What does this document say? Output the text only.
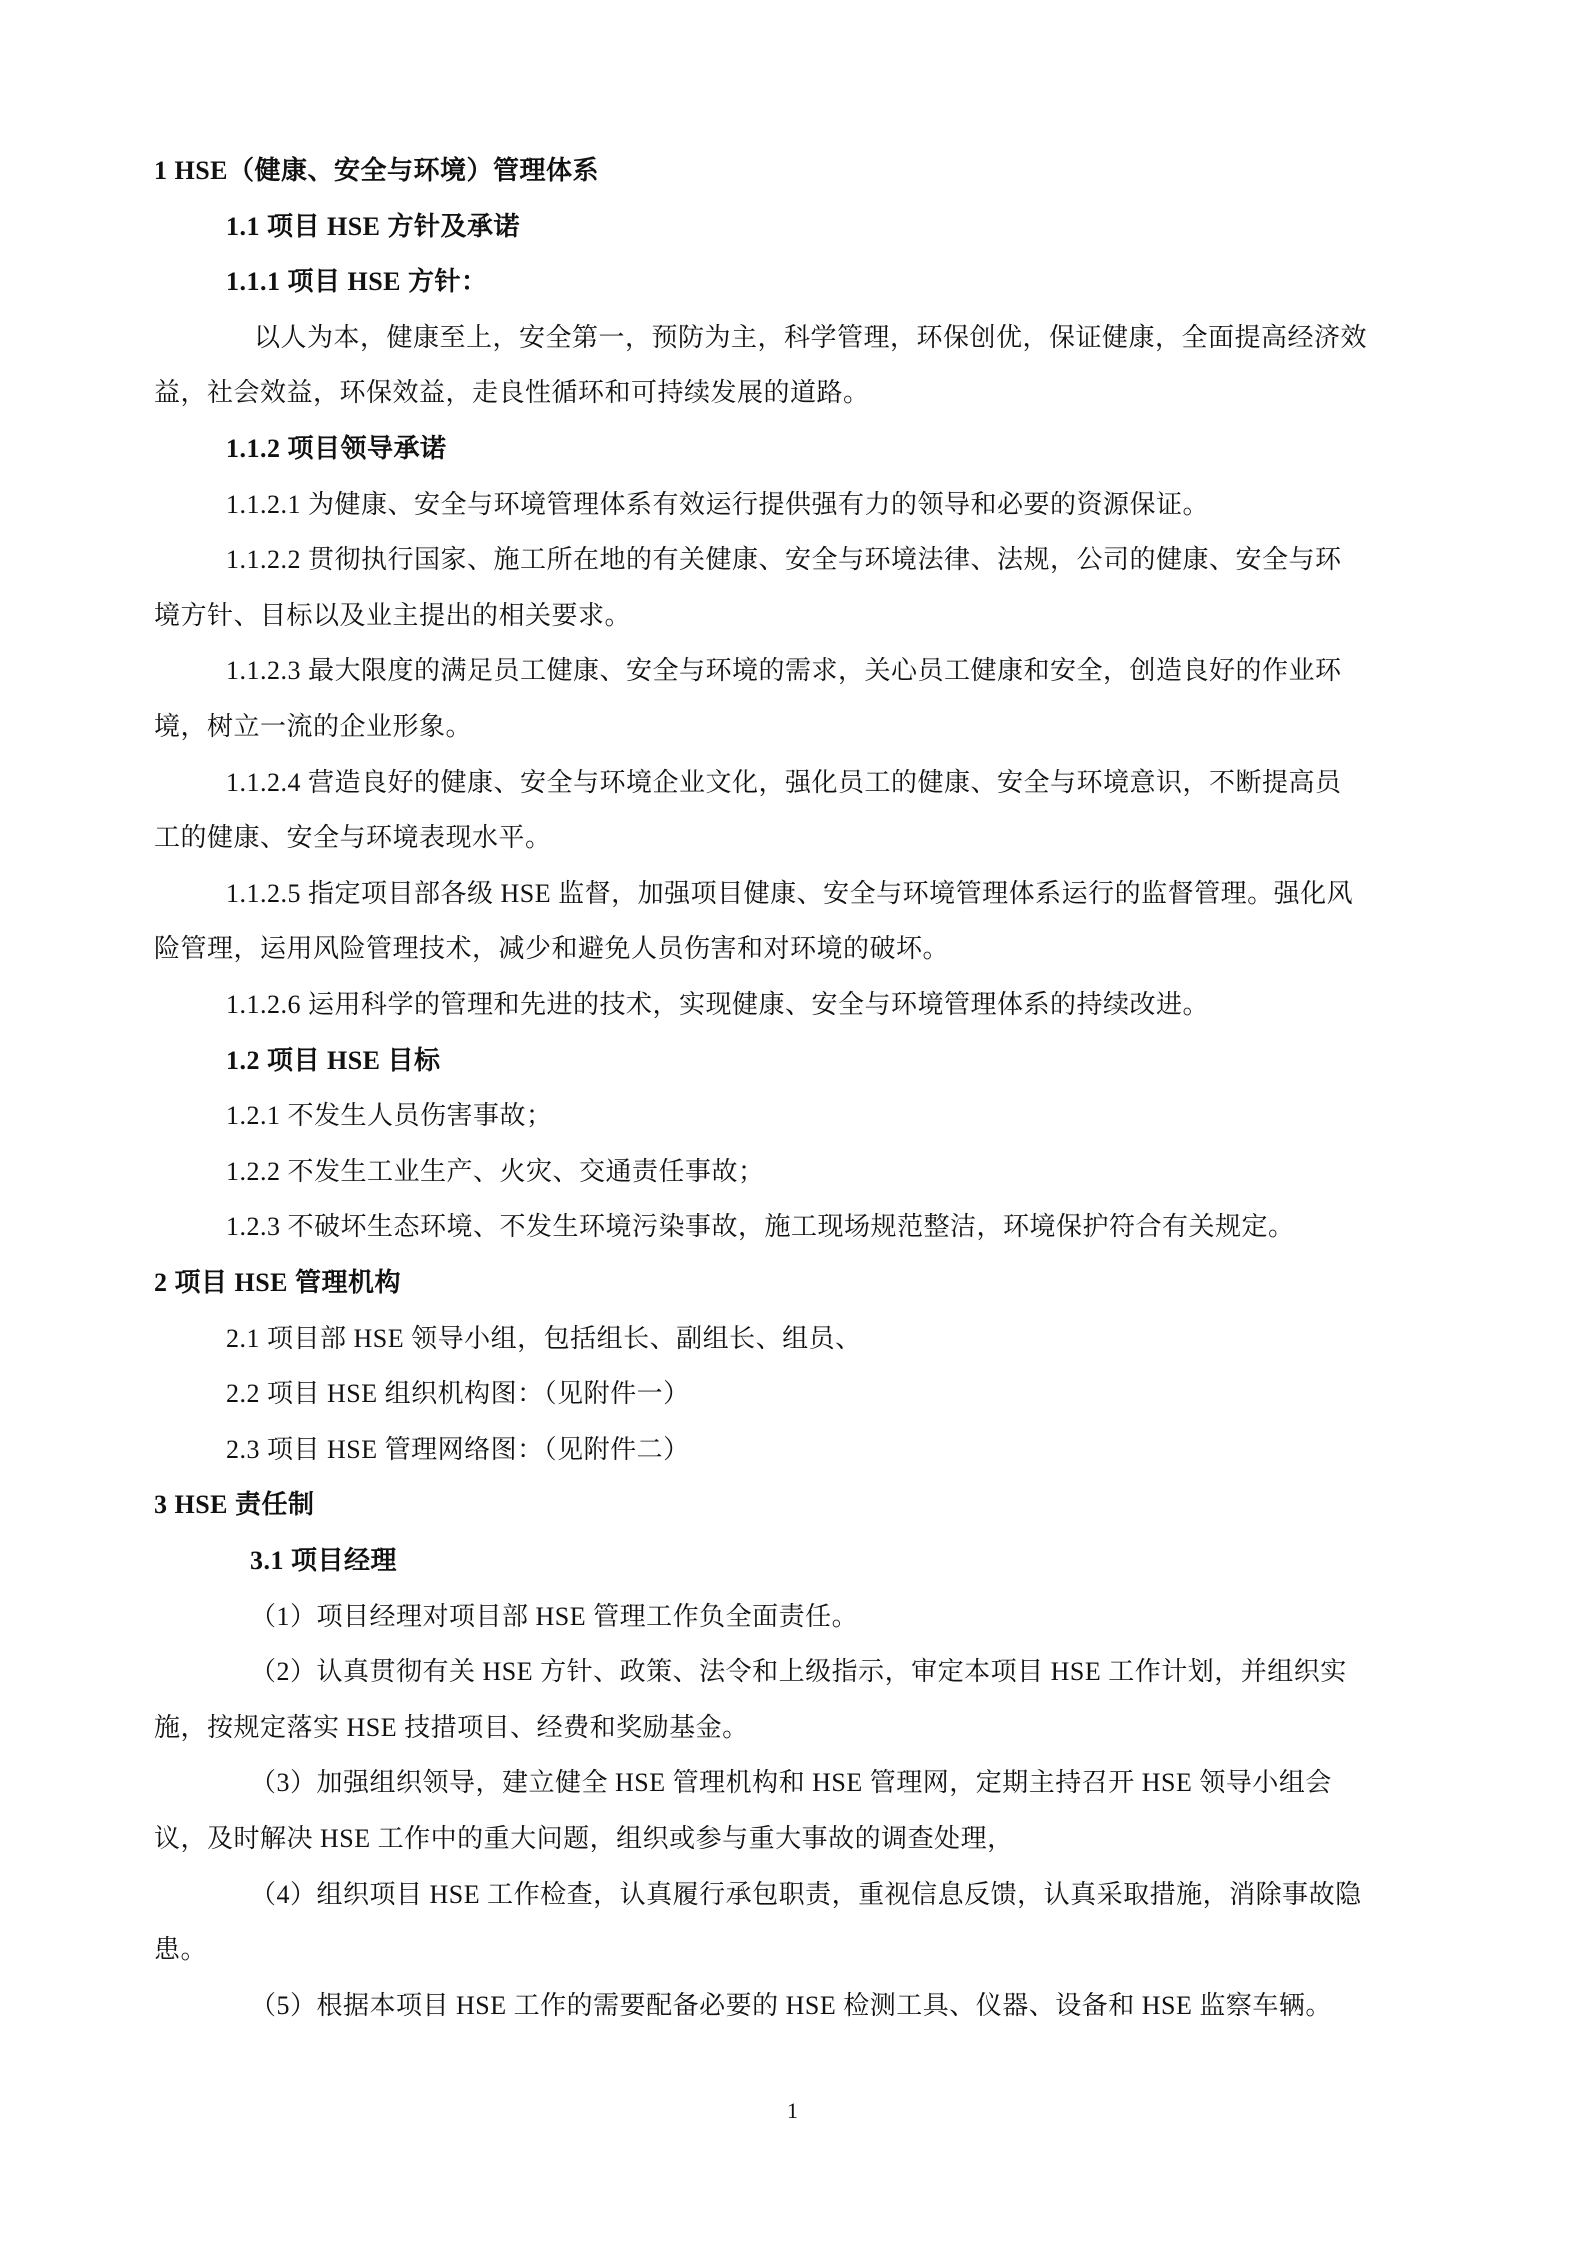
1 HSE（健康、安全与环境）管理体系
1.1 项目 HSE 方针及承诺
1.1.1 项目 HSE 方针：
以人为本，健康至上，安全第一，预防为主，科学管理，环保创优，保证健康，全面提高经济效
益，社会效益，环保效益，走良性循环和可持续发展的道路。
1.1.2 项目领导承诺
1.1.2.1 为健康、安全与环境管理体系有效运行提供强有力的领导和必要的资源保证。
1.1.2.2 贯彻执行国家、施工所在地的有关健康、安全与环境法律、法规，公司的健康、安全与环
境方针、目标以及业主提出的相关要求。
1.1.2.3 最大限度的满足员工健康、安全与环境的需求，关心员工健康和安全，创造良好的作业环
境，树立一流的企业形象。
1.1.2.4 营造良好的健康、安全与环境企业文化，强化员工的健康、安全与环境意识，不断提高员
工的健康、安全与环境表现水平。
1.1.2.5 指定项目部各级 HSE 监督，加强项目健康、安全与环境管理体系运行的监督管理。强化风
险管理，运用风险管理技术，减少和避免人员伤害和对环境的破坏。
1.1.2.6 运用科学的管理和先进的技术，实现健康、安全与环境管理体系的持续改进。
1.2 项目 HSE 目标
1.2.1 不发生人员伤害事故；
1.2.2 不发生工业生产、火灾、交通责任事故；
1.2.3 不破坏生态环境、不发生环境污染事故，施工现场规范整洁，环境保护符合有关规定。
2 项目 HSE 管理机构
2.1 项目部 HSE 领导小组，包括组长、副组长、组员、
2.2 项目 HSE 组织机构图：（见附件一）
2.3 项目 HSE 管理网络图：（见附件二）
3 HSE 责任制
3.1 项目经理
（1）项目经理对项目部 HSE 管理工作负全面责任。
（2）认真贯彻有关 HSE 方针、政策、法令和上级指示，审定本项目 HSE 工作计划，并组织实
施，按规定落实 HSE 技措项目、经费和奖励基金。
（3）加强组织领导，建立健全 HSE 管理机构和 HSE 管理网，定期主持召开 HSE 领导小组会
议，及时解决 HSE 工作中的重大问题，组织或参与重大事故的调查处理，
（4）组织项目 HSE 工作检查，认真履行承包职责，重视信息反馈，认真采取措施，消除事故隐
患。
（5）根据本项目 HSE 工作的需要配备必要的 HSE 检测工具、仪器、设备和 HSE 监察车辆。
1
